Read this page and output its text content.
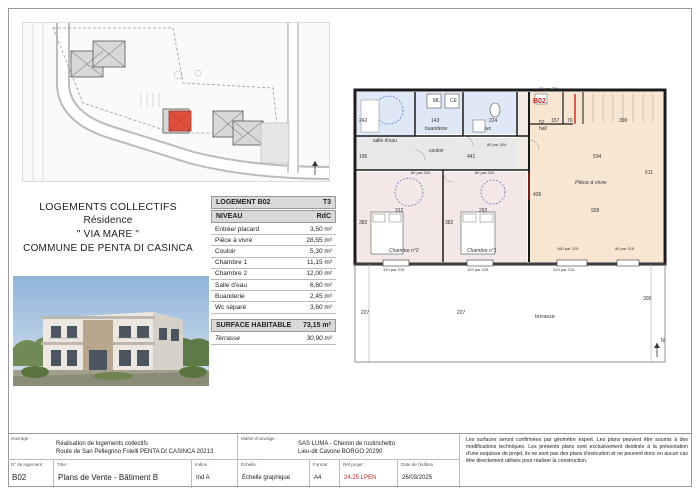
LOGEMENTS COLLECTIFS
Résidence
" VIA MARE "
COMMUNE DE PENTA DI CASINCA
LOGEMENT B02	T3
NIVEAU	RdC
Entrée/ placard	3,50 m²
Pièce à vivre	28,55 m²
Couloir	5,30 m²
Chambre 1	11,15 m²
Chambre 2	12,00 m²
Salle d'eau	6,60 m²
Buanderie	2,45 m²
Wc séparé	3,60 m²
SURFACE HABITABLE 73,15 m²
Terrasse	30,90 m²
242	143	224	157 70	300
52
B02
ML CE
buanderie	wc	hall
salle d'eau
couloir
441	534
195
Pièce à vivre
611
436
312	292	928
382	382
Chambre n°2	Chambre n°1
80 par 204	80 par 204
80 par 204
90 par 215
120 par 215	120 par 215
160 par 215	90 par 215
120 par 215
terrasse
227	227
300
N
Ouvrage :
Réalisation de logements collectifs
Route de San Pellegrino Folelli PENTA DI CASINCA 20213
Maître d'ouvrage :
SAS LUMA - Chemin de rustinchetto
Lieu-dit Cavone BORGO 20290
Les surfaces seront confirmées par géomètre expert. Les plans peuvent être soumis à des modifications techniques. Les présents plans sont exclusivement destinés à la présentation d'une esquisse de projet, ils ne sont pas des plans d'exécution et ne peuvent donc en aucun cas être directement utilisés pour réaliser la construction.
N° de logement
B02
Titre :
Plans de Vente - Bâtiment B
Indice :
Ind A
Échelle :
Échelle graphique
Format
A4
Ref projet :
24.25 LPEN
Date de l'édition
26/03/2025
